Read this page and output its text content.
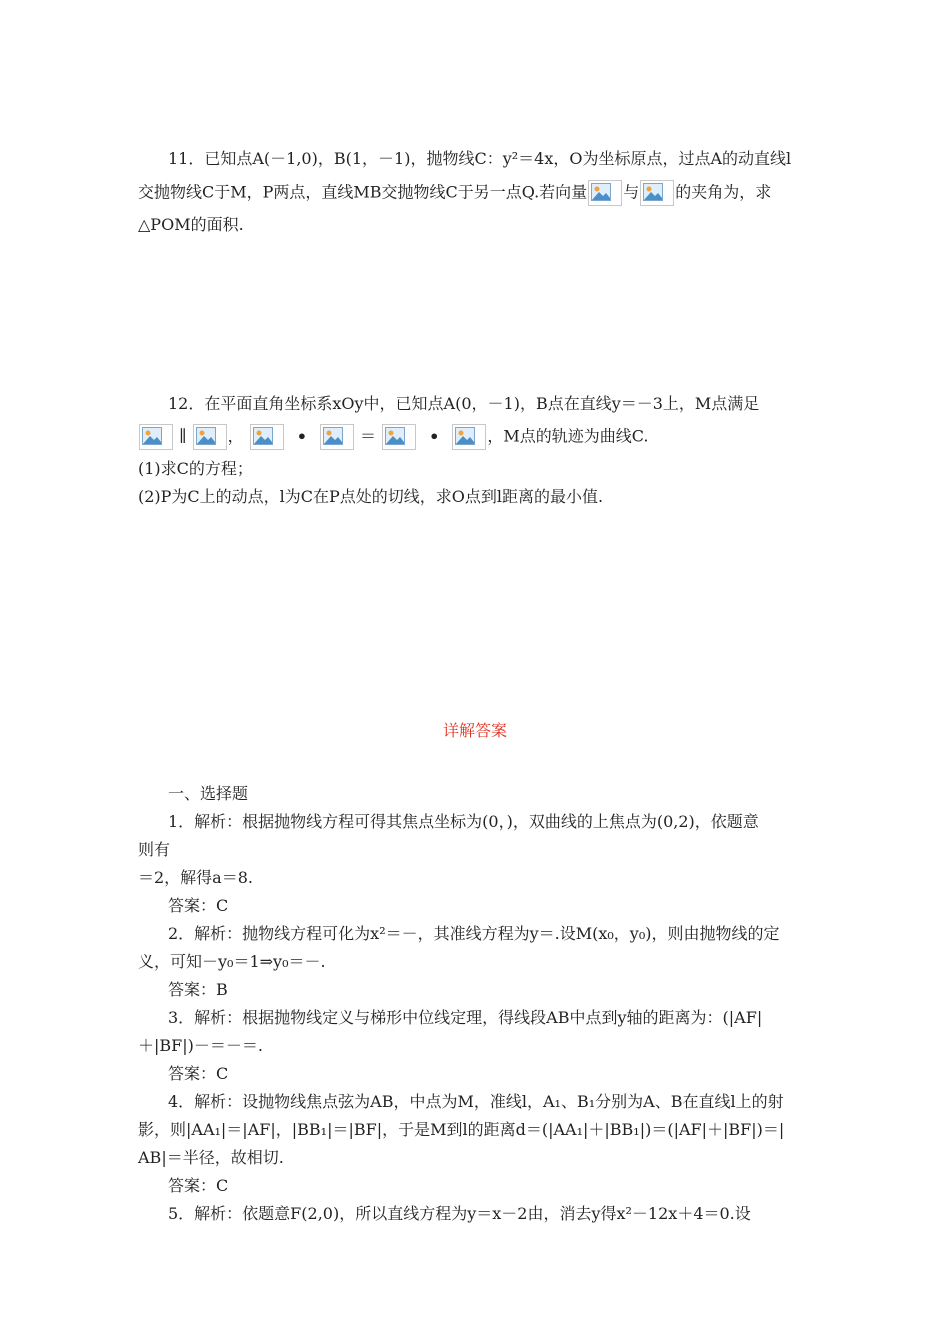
11．已知点A(－1,0)，B(1，－1)，抛物线C：y²＝4x，O为坐标原点，过点A的动直线l
交抛物线C于M，P两点，直线MB交抛物线C于另一点Q.若向量 与 的夹角为，求
△POM的面积.
12．在平面直角坐标系xOy中，已知点A(0，－1)，B点在直线y＝－3上，M点满足
∥	，	•	＝	•	，M点的轨迹为曲线C.
(1)求C的方程；
(2)P为C上的动点，l为C在P点处的切线，求O点到l距离的最小值.
详解答案
一、选择题
1．解析：根据抛物线方程可得其焦点坐标为(0，)，双曲线的上焦点为(0,2)，依题意
则有
＝2，解得a＝8.
答案：C
2．解析：抛物线方程可化为x²＝－，其准线方程为y＝.设M(x₀，y₀)，则由抛物线的定
义，可知－y₀＝1⇒y₀＝－.
答案：B
3．解析：根据抛物线定义与梯形中位线定理，得线段AB中点到y轴的距离为：(|AF|
＋|BF|)－＝－＝.
答案：C
4．解析：设抛物线焦点弦为AB，中点为M，准线l，A₁、B₁分别为A、B在直线l上的射
影，则|AA₁|＝|AF|，|BB₁|＝|BF|，于是M到l的距离d＝(|AA₁|＋|BB₁|)＝(|AF|＋|BF|)＝|
AB|＝半径，故相切.
答案：C
5．解析：依题意F(2,0)，所以直线方程为y＝x－2由，消去y得x²－12x＋4＝0.设
